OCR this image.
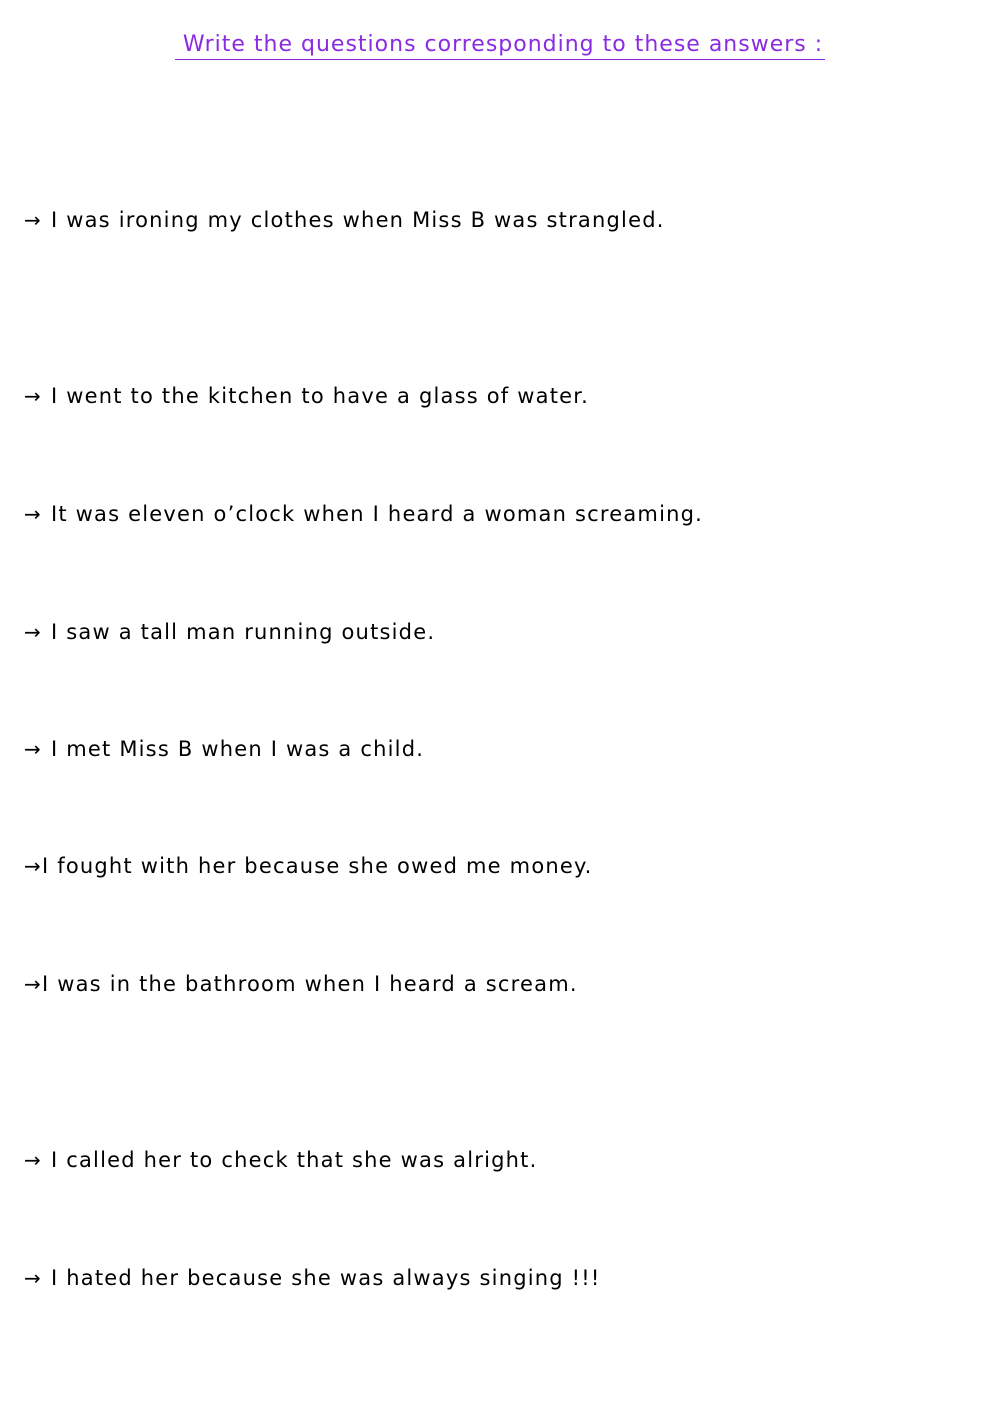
Write the questions corresponding to these answers :
→ I was ironing my clothes when Miss B was strangled.
→ I went to the kitchen to have a glass of water.
→ It was eleven o’clock when I heard a woman screaming.
→ I saw a tall man running outside.
→ I met Miss B when I was a child.
→I fought with her because she owed me money.
→I was in the bathroom when I heard a scream.
→ I called her to check that she was alright.
→ I hated her because she was always singing !!!
